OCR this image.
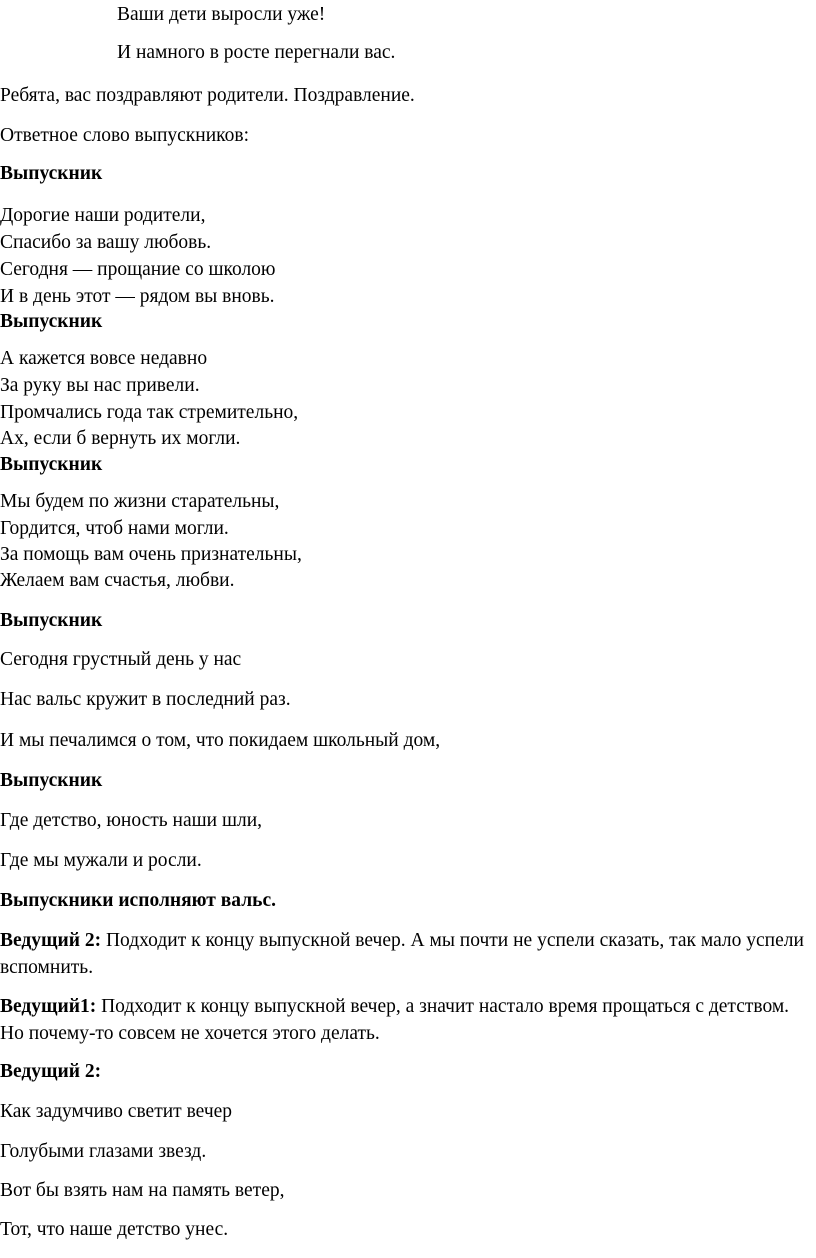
Ваши дети выросли уже!
И намного в росте перегнали вас.
Ребята, вас поздравляют родители. Поздравление.
Ответное слово выпускников:
Выпускник
Дорогие наши родители,
Спасибо за вашу любовь.
Сегодня — прощание со школою
И в день этот — рядом вы вновь.
Выпускник
А кажется вовсе недавно
За руку вы нас привели.
Промчались года так стремительно,
Ах, если б вернуть их могли.
Выпускник
Мы будем по жизни старательны,
Гордится, чтоб нами могли.
За помощь вам очень признательны,
Желаем вам счастья, любви.
Выпускник
Сегодня грустный день у нас
Нас вальс кружит в последний раз.
И мы печалимся о том, что покидаем школьный дом,
Выпускник
Где детство, юность наши шли,
Где мы мужали и росли.
Выпускники исполняют вальс.
Ведущий 2: Подходит к концу выпускной вечер. А мы почти не успели сказать, так мало успели вспомнить.
Ведущий1: Подходит к концу выпускной вечер, а значит настало время прощаться с детством. Но почему-то совсем не хочется этого делать.
Ведущий 2:
Как задумчиво светит вечер
Голубыми глазами звезд.
Вот бы взять нам на память ветер,
Тот, что наше детство унес.
